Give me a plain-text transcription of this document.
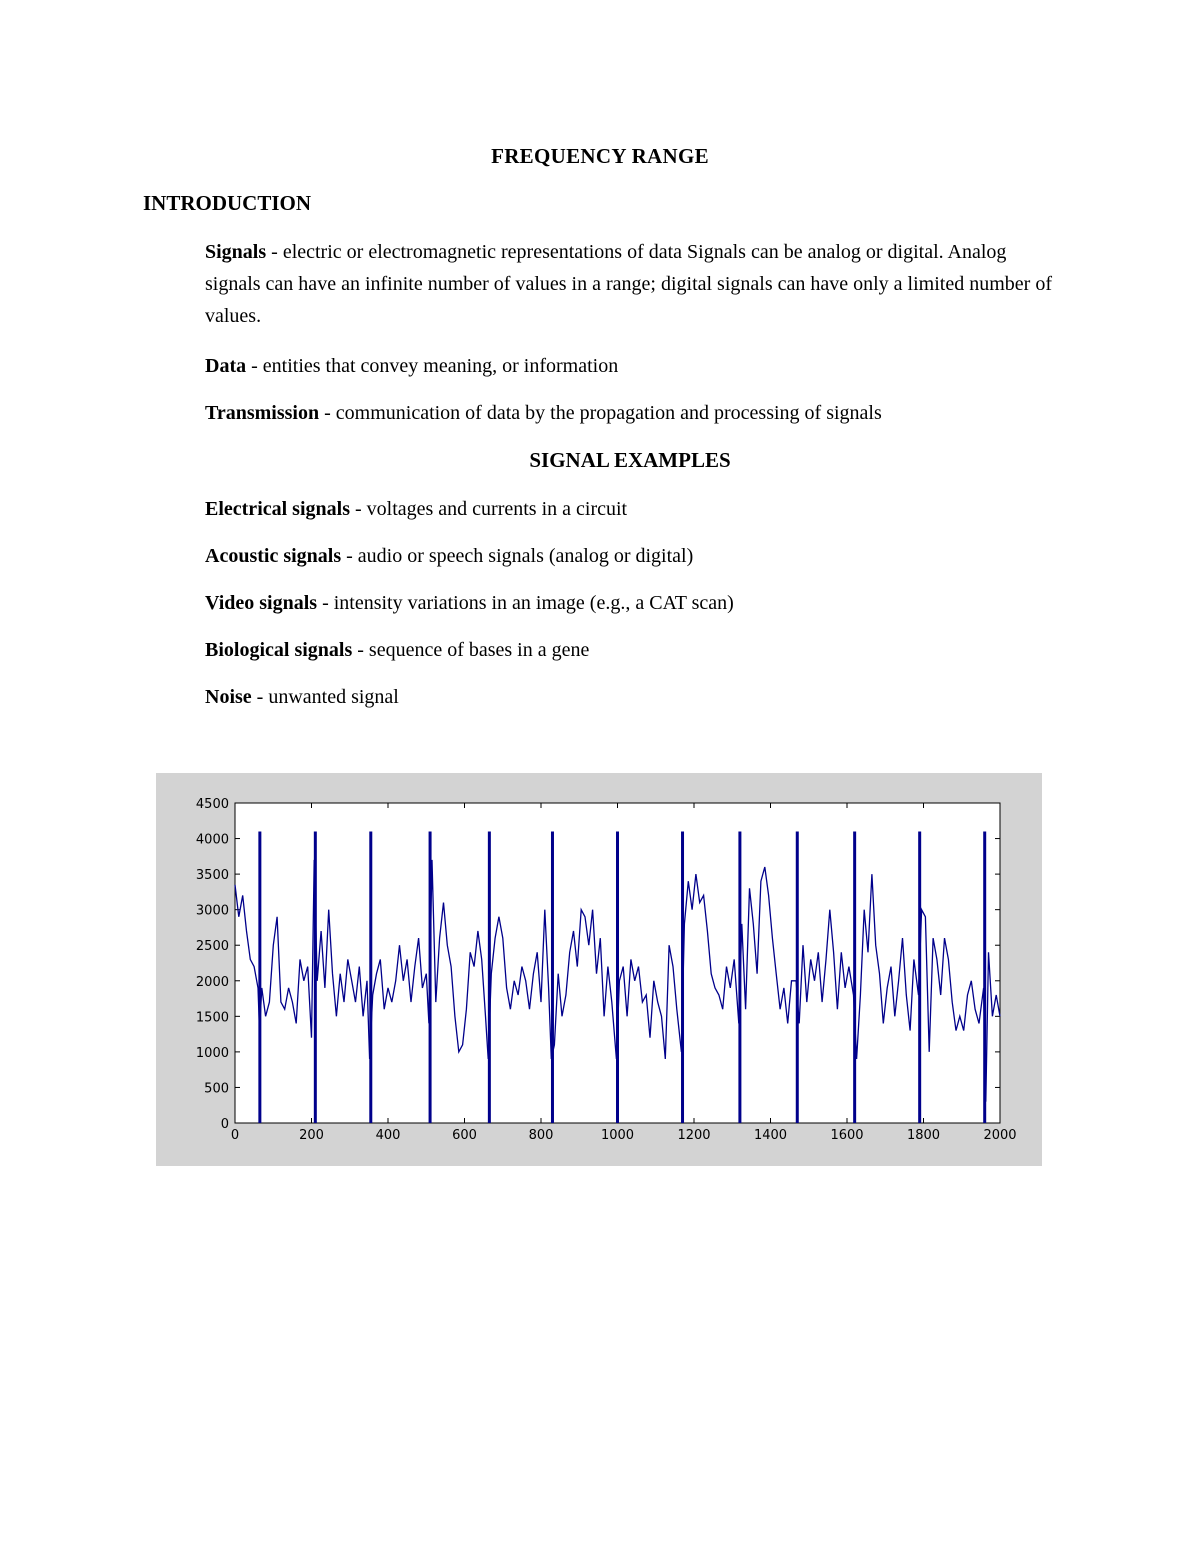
FREQUENCY RANGE
INTRODUCTION
Signals - electric or electromagnetic representations of data Signals can be analog or digital. Analog signals can have an infinite number of values in a range; digital signals can have only a limited number of values.
Data - entities that convey meaning, or information
Transmission - communication of data by the propagation and processing of signals
SIGNAL EXAMPLES
Electrical signals - voltages and currents in a circuit
Acoustic signals - audio or speech signals (analog or digital)
Video signals - intensity variations in an image (e.g., a CAT scan)
Biological signals - sequence of bases in a gene
Noise - unwanted signal
0	200	400	600	800	1000	1200	1400	1600	1800	2000
0
500
1000
1500
2000
2500
3000
3500
4000
4500
